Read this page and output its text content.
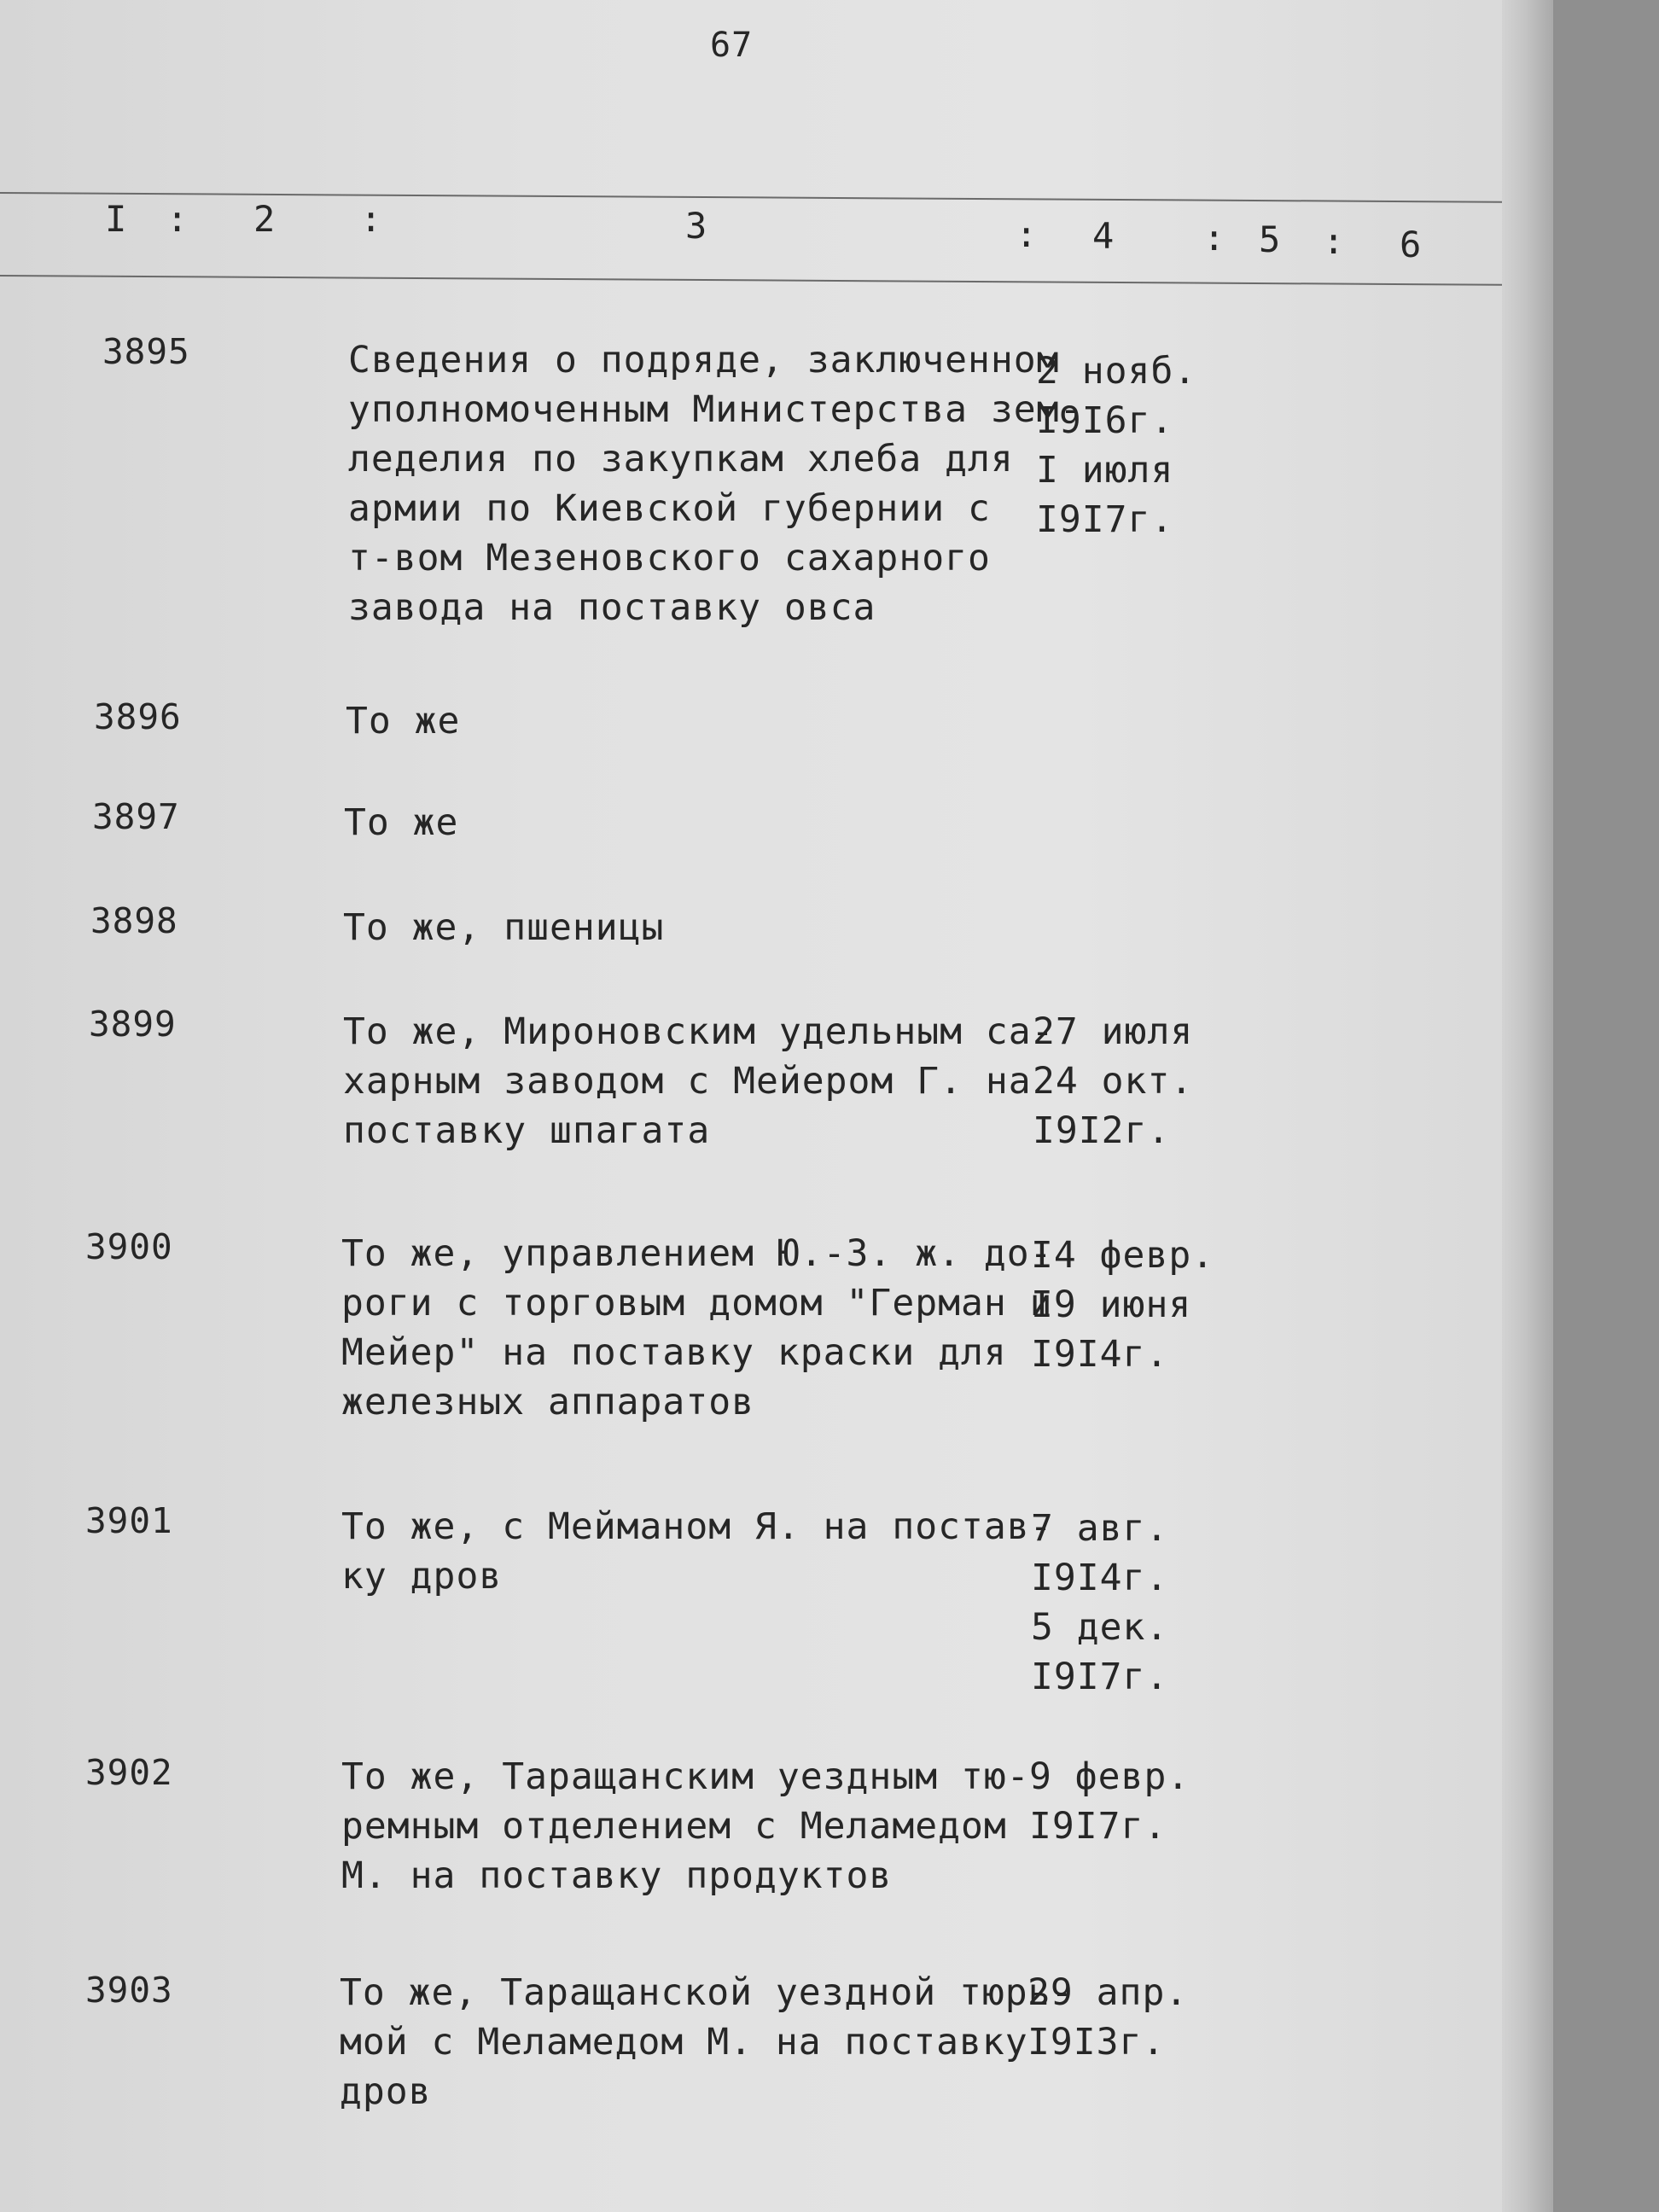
67
I : 2 :	3	: 4 : 5 : 6
3895	Сведения о подряде, заключенном
уполномоченным Министерства зем-
леделия по закупкам хлеба для
армии по Киевской губернии с
т-вом Мезеновского сахарного
завода на поставку овса
2 нояб.
I9I6г.
I июля
I9I7г.
3896	То же
3897	То же
3898	То же, пшеницы
3899	То же, Мироновским удельным са-
харным заводом с Мейером Г. на
поставку шпагата
27 июля
24 окт.
I9I2г.
3900	То же, управлением Ю.-З. ж. до-
роги с торговым домом "Герман и
Мейер" на поставку краски для
железных аппаратов
I4 февр.
I9 июня
I9I4г.
3901	То же, с Мейманом Я. на постав-
ку дров
7 авг.
I9I4г.
5 дек.
I9I7г.
3902	То же, Таращанским уездным тю-
ремным отделением с Меламедом
М. на поставку продуктов
9 февр.
I9I7г.
3903	То же, Таращанской уездной тюрь-
мой с Меламедом М. на поставку
дров
29 апр.
I9I3г.
